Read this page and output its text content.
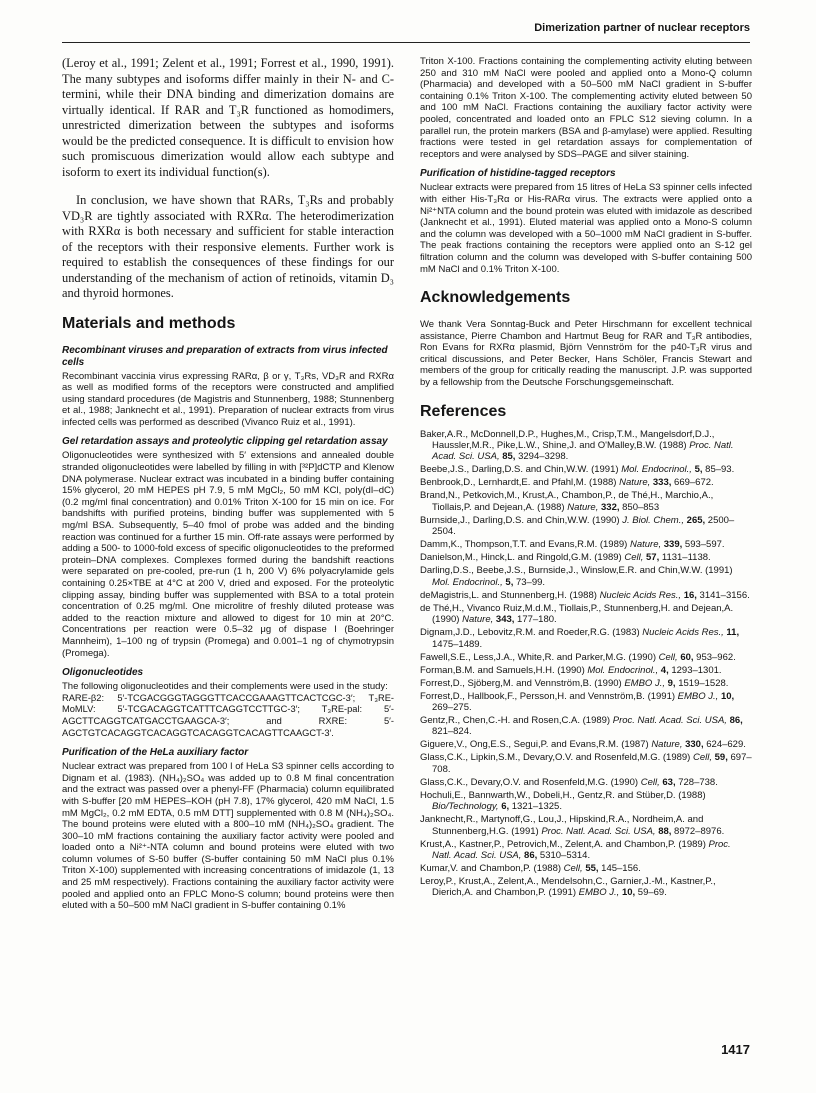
Dimerization partner of nuclear receptors

(Leroy et al., 1991; Zelent et al., 1991; Forrest et al., 1990, 1991). The many subtypes and isoforms differ mainly in their N- and C-termini, while their DNA binding and dimerization domains are virtually identical. If RAR and T₃R functioned as homodimers, unrestricted dimerization between the subtypes and isoforms would be the predicted consequence. It is difficult to envision how such promiscuous dimerization would allow each subtype and isoform to exert its individual function(s).

In conclusion, we have shown that RARs, T₃Rs and probably VD₃R are tightly associated with RXRα. The heterodimerization with RXRα is both necessary and sufficient for stable interaction of the receptors with their responsive elements. Further work is required to establish the consequences of these findings for our understanding of the mechanism of action of retinoids, vitamin D₃ and thyroid hormones.

Materials and methods
Recombinant viruses and preparation of extracts from virus infected cells

Recombinant vaccinia virus expressing RARα, β or γ, T₃Rs, VD₃R and RXRα as well as modified forms of the receptors were constructed and amplified using standard procedures (de Magistris and Stunnenberg, 1988; Stunnenberg et al., 1988; Janknecht et al., 1991). Preparation of nuclear extracts from virus infected cells was performed as described (Vivanco Ruiz et al., 1991).

Gel retardation assays and proteolytic clipping gel retardation assay

Oligonucleotides were synthesized with 5′ extensions and annealed double stranded oligonucleotides were labelled by filling in with [³²P]dCTP and Klenow DNA polymerase. Nuclear extract was incubated in a binding buffer containing 15% glycerol, 20 mM HEPES pH 7.9, 5 mM MgCl₂, 50 mM KCl, poly(dI–dC) (0.2 mg/ml final concentration) and 0.01% Triton X-100 for 15 min on ice. For bandshifts with purified proteins, binding buffer was supplemented with 5 mg/ml BSA. Subsequently, 5–40 fmol of probe was added and the binding reaction was continued for a further 15 min. Off-rate assays were performed by adding a 500- to 1000-fold excess of specific oligonucleotides to the preformed protein–DNA complexes. Complexes formed during the bandshift reactions were separated on pre-cooled, pre-run (1 h, 200 V) 6% polyacrylamide gels containing 0.25×TBE at 4°C at 200 V, dried and exposed. For the proteolytic clipping assay, binding buffer was supplemented with BSA to a total protein concentration of 0.25 mg/ml. One microlitre of freshly diluted protease was added to the reaction mixture and allowed to digest for 10 min at 20°C. Concentrations per reaction were 0.5–32 μg of dispase I (Boehringer Mannheim), 1–100 ng of trypsin (Promega) and 0.001–1 ng of chymotrypsin (Promega).

Oligonucleotides

The following oligonucleotides and their complements were used in the study:
RARE-β2: 5′-TCGACGGGTAGGGTTCACCGAAAGTTCACTCGC-3′; T₃RE-MoMLV: 5′-TCGACAGGTCATTTCAGGTCCTTGC-3′; T₃RE-pal: 5′-AGCTTCAGGTCATGACCTGAAGCA-3′; and RXRE: 5′-AGCTGTCACAGGTCACAGGTCACAGGTCACAGTTCAAGCT-3′.

Purification of the HeLa auxiliary factor

Nuclear extract was prepared from 100 l of HeLa S3 spinner cells according to Dignam et al. (1983). (NH₄)₂SO₄ was added up to 0.8 M final concentration and the extract was passed over a phenyl-FF (Pharmacia) column equilibrated with S-buffer [20 mM HEPES–KOH (pH 7.8), 17% glycerol, 420 mM NaCl, 1.5 mM MgCl₂, 0.2 mM EDTA, 0.5 mM DTT] supplemented with 0.8 M (NH₄)₂SO₄. The bound proteins were eluted with a 800–10 mM (NH₄)₂SO₄ gradient. The 300–10 mM fractions containing the auxiliary factor activity were pooled and loaded onto a Ni²⁺-NTA column and bound proteins were eluted with two column volumes of S-50 buffer (S-buffer containing 50 mM NaCl plus 0.1% Triton X-100) supplemented with increasing concentrations of imidazole (1, 13 and 25 mM respectively). Fractions containing the auxiliary factor activity were pooled and applied onto an FPLC Mono-S column; bound proteins were then eluted with a 50–500 mM NaCl gradient in S-buffer containing 0.1%

Triton X-100. Fractions containing the complementing activity eluting between 250 and 310 mM NaCl were pooled and applied onto a Mono-Q column (Pharmacia) and developed with a 50–500 mM NaCl gradient in S-buffer containing 0.1% Triton X-100. The complementing activity eluted between 50 and 100 mM NaCl. Fractions containing the auxiliary factor activity were pooled, concentrated and loaded onto an FPLC S12 sieving column. In a parallel run, the protein markers (BSA and β-amylase) were applied. Resulting fractions were tested in gel retardation assays for complementation of receptors and were analysed by SDS–PAGE and silver staining.

Purification of histidine-tagged receptors

Nuclear extracts were prepared from 15 litres of HeLa S3 spinner cells infected with either His-T₃Rα or His-RARα virus. The extracts were applied onto a Ni²⁺NTA column and the bound protein was eluted with imidazole as described (Janknecht et al., 1991). Eluted material was applied onto a Mono-S column and the column was developed with a 50–1000 mM NaCl gradient in S-buffer. The peak fractions containing the receptors were applied onto an S-12 gel filtration column and the column was developed with S-buffer containing 500 mM NaCl and 0.1% Triton X-100.

Acknowledgements

We thank Vera Sonntag-Buck and Peter Hirschmann for excellent technical assistance, Pierre Chambon and Hartmut Beug for RAR and T₃R antibodies, Ron Evans for RXRα plasmid, Björn Vennström for the p40-T₃R virus and critical discussions, and Peter Becker, Hans Schöler, Francis Stewart and members of the group for critically reading the manuscript. J.P. was supported by a fellowship from the Deutsche Forschungsgemeinschaft.

References

Baker,A.R., McDonnell,D.P., Hughes,M., Crisp,T.M., Mangelsdorf,D.J., Haussler,M.R., Pike,L.W., Shine,J. and O'Malley,B.W. (1988) Proc. Natl. Acad. Sci. USA, 85, 3294–3298.

Beebe,J.S., Darling,D.S. and Chin,W.W. (1991) Mol. Endocrinol., 5, 85–93.

Benbrook,D., Lernhardt,E. and Pfahl,M. (1988) Nature, 333, 669–672.

Brand,N., Petkovich,M., Krust,A., Chambon,P., de Thé,H., Marchio,A., Tiollais,P. and Dejean,A. (1988) Nature, 332, 850–853

Burnside,J., Darling,D.S. and Chin,W.W. (1990) J. Biol. Chem., 265, 2500–2504.

Damm,K., Thompson,T.T. and Evans,R.M. (1989) Nature, 339, 593–597.

Danielson,M., Hinck,L. and Ringold,G.M. (1989) Cell, 57, 1131–1138.

Darling,D.S., Beebe,J.S., Burnside,J., Winslow,E.R. and Chin,W.W. (1991) Mol. Endocrinol., 5, 73–99.

deMagistris,L. and Stunnenberg,H. (1988) Nucleic Acids Res., 16, 3141–3156.

de Thé,H., Vivanco Ruiz,M.d.M., Tiollais,P., Stunnenberg,H. and Dejean,A. (1990) Nature, 343, 177–180.

Dignam,J.D., Lebovitz,R.M. and Roeder,R.G. (1983) Nucleic Acids Res., 11, 1475–1489.

Fawell,S.E., Less,J.A., White,R. and Parker,M.G. (1990) Cell, 60, 953–962.

Forman,B.M. and Samuels,H.H. (1990) Mol. Endocrinol., 4, 1293–1301.

Forrest,D., Sjöberg,M. and Vennström,B. (1990) EMBO J., 9, 1519–1528.

Forrest,D., Hallbook,F., Persson,H. and Vennström,B. (1991) EMBO J., 10, 269–275.

Gentz,R., Chen,C.-H. and Rosen,C.A. (1989) Proc. Natl. Acad. Sci. USA, 86, 821–824.

Giguere,V., Ong,E.S., Segui,P. and Evans,R.M. (1987) Nature, 330, 624–629.

Glass,C.K., Lipkin,S.M., Devary,O.V. and Rosenfeld,M.G. (1989) Cell, 59, 697–708.

Glass,C.K., Devary,O.V. and Rosenfeld,M.G. (1990) Cell, 63, 728–738.

Hochuli,E., Bannwarth,W., Dobeli,H., Gentz,R. and Stüber,D. (1988) Bio/Technology, 6, 1321–1325.

Janknecht,R., Martynoff,G., Lou,J., Hipskind,R.A., Nordheim,A. and Stunnenberg,H.G. (1991) Proc. Natl. Acad. Sci. USA, 88, 8972–8976.

Krust,A., Kastner,P., Petrovich,M., Zelent,A. and Chambon,P. (1989) Proc. Natl. Acad. Sci. USA, 86, 5310–5314.

Kumar,V. and Chambon,P. (1988) Cell, 55, 145–156.

Leroy,P., Krust,A., Zelent,A., Mendelsohn,C., Garnier,J.-M., Kastner,P., Dierich,A. and Chambon,P. (1991) EMBO J., 10, 59–69.

1417
